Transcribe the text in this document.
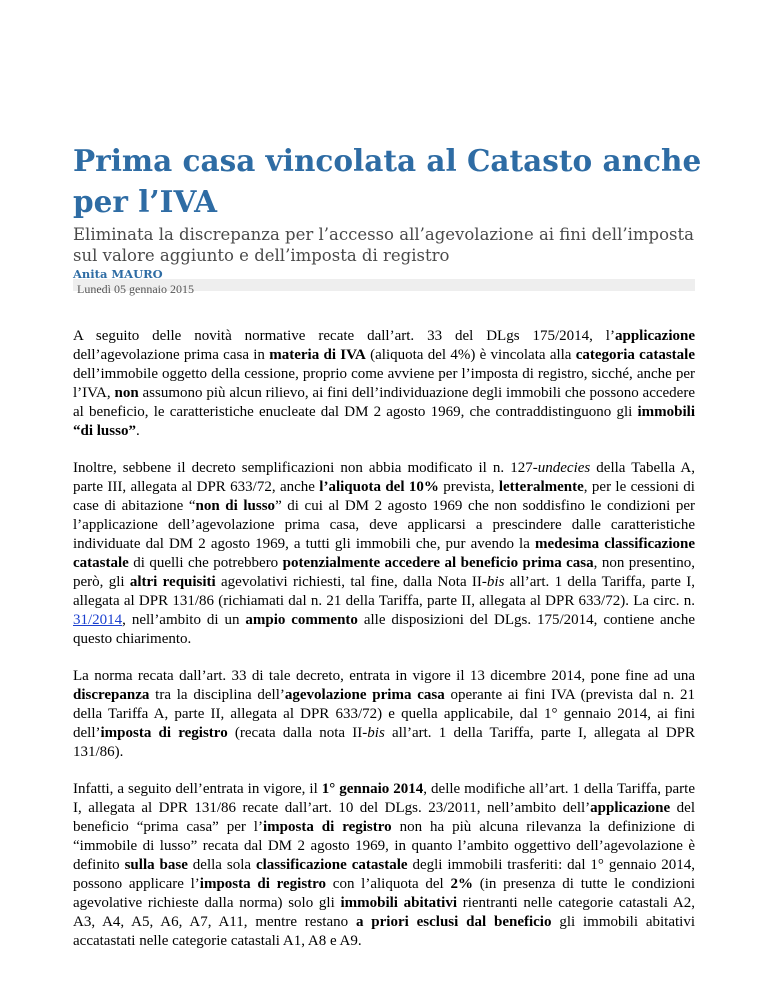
Prima casa vincolata al Catasto anche per l’IVA
Eliminata la discrepanza per l’accesso all’agevolazione ai fini dell’imposta sul valore aggiunto e dell’imposta di registro
Anita MAURO
Lunedì 05 gennaio 2015

A seguito delle novità normative recate dall’art. 33 del DLgs 175/2014, l’applicazione dell’agevolazione prima casa in materia di IVA (aliquota del 4%) è vincolata alla categoria catastale dell’immobile oggetto della cessione, proprio come avviene per l’imposta di registro, sicché, anche per l’IVA, non assumono più alcun rilievo, ai fini dell’individuazione degli immobili che possono accedere al beneficio, le caratteristiche enucleate dal DM 2 agosto 1969, che contraddistinguono gli immobili “di lusso”.

Inoltre, sebbene il decreto semplificazioni non abbia modificato il n. 127-undecies della Tabella A, parte III, allegata al DPR 633/72, anche l’aliquota del 10% prevista, letteralmente, per le cessioni di case di abitazione “non di lusso” di cui al DM 2 agosto 1969 che non soddisfino le condizioni per l’applicazione dell’agevolazione prima casa, deve applicarsi a prescindere dalle caratteristiche individuate dal DM 2 agosto 1969, a tutti gli immobili che, pur avendo la medesima classificazione catastale di quelli che potrebbero potenzialmente accedere al beneficio prima casa, non presentino, però, gli altri requisiti agevolativi richiesti, tal fine, dalla Nota II-bis all’art. 1 della Tariffa, parte I, allegata al DPR 131/86 (richiamati dal n. 21 della Tariffa, parte II, allegata al DPR 633/72). La circ. n. 31/2014, nell’ambito di un ampio commento alle disposizioni del DLgs. 175/2014, contiene anche questo chiarimento.

La norma recata dall’art. 33 di tale decreto, entrata in vigore il 13 dicembre 2014, pone fine ad una discrepanza tra la disciplina dell’agevolazione prima casa operante ai fini IVA (prevista dal n. 21 della Tariffa A, parte II, allegata al DPR 633/72) e quella applicabile, dal 1° gennaio 2014, ai fini dell’imposta di registro (recata dalla nota II-bis all’art. 1 della Tariffa, parte I, allegata al DPR 131/86).

Infatti, a seguito dell’entrata in vigore, il 1° gennaio 2014, delle modifiche all’art. 1 della Tariffa, parte I, allegata al DPR 131/86 recate dall’art. 10 del DLgs. 23/2011, nell’ambito dell’applicazione del beneficio “prima casa” per l’imposta di registro non ha più alcuna rilevanza la definizione di “immobile di lusso” recata dal DM 2 agosto 1969, in quanto l’ambito oggettivo dell’agevolazione è definito sulla base della sola classificazione catastale degli immobili trasferiti: dal 1° gennaio 2014, possono applicare l’imposta di registro con l’aliquota del 2% (in presenza di tutte le condizioni agevolative richieste dalla norma) solo gli immobili abitativi rientranti nelle categorie catastali A2, A3, A4, A5, A6, A7, A11, mentre restano a priori esclusi dal beneficio gli immobili abitativi accatastati nelle categorie catastali A1, A8 e A9.
